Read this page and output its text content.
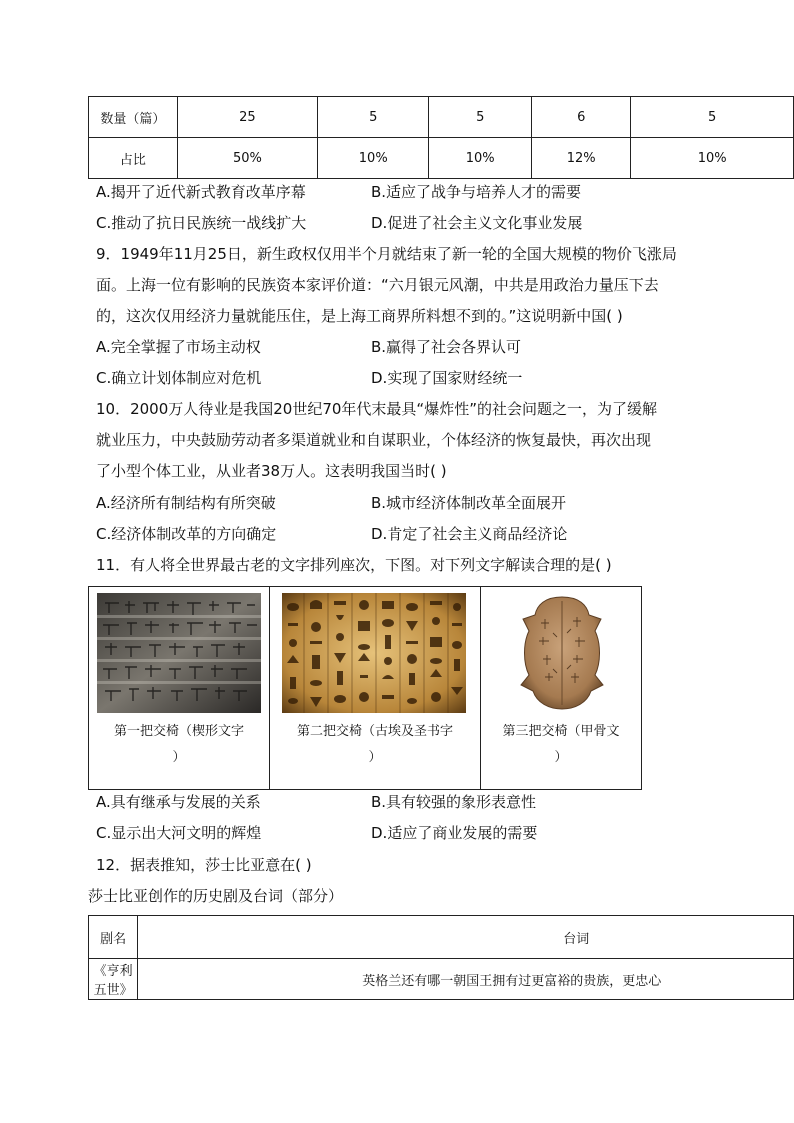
数量（篇）	25	5	5	6	5
占比	50%	10%	10%	12%	10%
A.揭开了近代新式教育改革序幕	B.适应了战争与培养人才的需要
C.推动了抗日民族统一战线扩大	D.促进了社会主义文化事业发展
9．1949年11月25日，新生政权仅用半个月就结束了新一轮的全国大规模的物价飞涨局
面。上海一位有影响的民族资本家评价道：“六月银元风潮，中共是用政治力量压下去
的，这次仅用经济力量就能压住，是上海工商界所料想不到的。”这说明新中国( )
A.完全掌握了市场主动权	B.赢得了社会各界认可
C.确立计划体制应对危机	D.实现了国家财经统一
10．2000万人待业是我国20世纪70年代末最具“爆炸性”的社会问题之一，为了缓解
就业压力，中央鼓励劳动者多渠道就业和自谋职业，个体经济的恢复最快，再次出现
了小型个体工业，从业者38万人。这表明我国当时( )
A.经济所有制结构有所突破	B.城市经济体制改革全面展开
C.经济体制改革的方向确定	D.肯定了社会主义商品经济论
11．有人将全世界最古老的文字排列座次，下图。对下列文字解读合理的是( )
第一把交椅（楔形文字
）

第二把交椅（古埃及圣书字
）

第三把交椅（甲骨文
）
A.具有继承与发展的关系	B.具有较强的象形表意性
C.显示出大河文明的辉煌	D.适应了商业发展的需要
12．据表推知，莎士比亚意在( )
莎士比亚创作的历史剧及台词（部分）
剧名	台词
《亨利五世》	英格兰还有哪一朝国王拥有过更富裕的贵族，更忠心
